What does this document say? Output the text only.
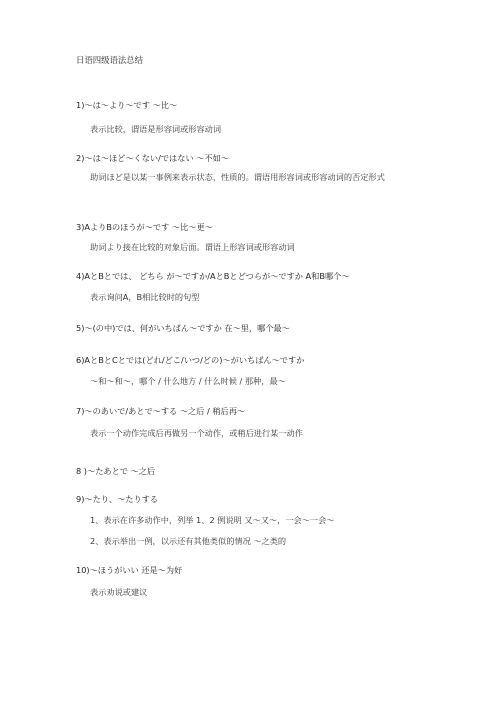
日语四级语法总结
1)～は～より～です ～比～
表示比较，谓语是形容词或形容动词
2)～は～ほど～くない/ではない ～不如～
助词ほど是以某一事例来表示状态，性质的。谓语用形容词或形容动词的否定形式
3)AよりBのほうが～です ～比～更～
助词より接在比较的对象后面。谓语上形容词或形容动词
4)AとBとでは、 どちら が～ですか/AとBとどつらが～ですか A和B哪个～
表示询问A，B相比较时的句型
5)～(の中)では、何がいちばん～ですか 在～里，哪个最～
6)AとBとCとでは(どれ/どこ/いつ/どの)～がいちばん～ですか
～和～和～，哪个 / 什么地方 / 什么时候 / 那种，最～
7)～のあいで/あとで～する ～之后 / 稍后再～
表示一个动作完成后再做另一个动作，或稍后进行某一动作
8 )～たあとで ～之后
9)～たり、～たりする
1、表示在许多动作中，列举 1、2 例说明 又～又～，一会～一会～
2、表示举出一例，以示还有其他类似的情况 ～之类的
10)～ほうがいい 还是～为好
表示劝说或建议
